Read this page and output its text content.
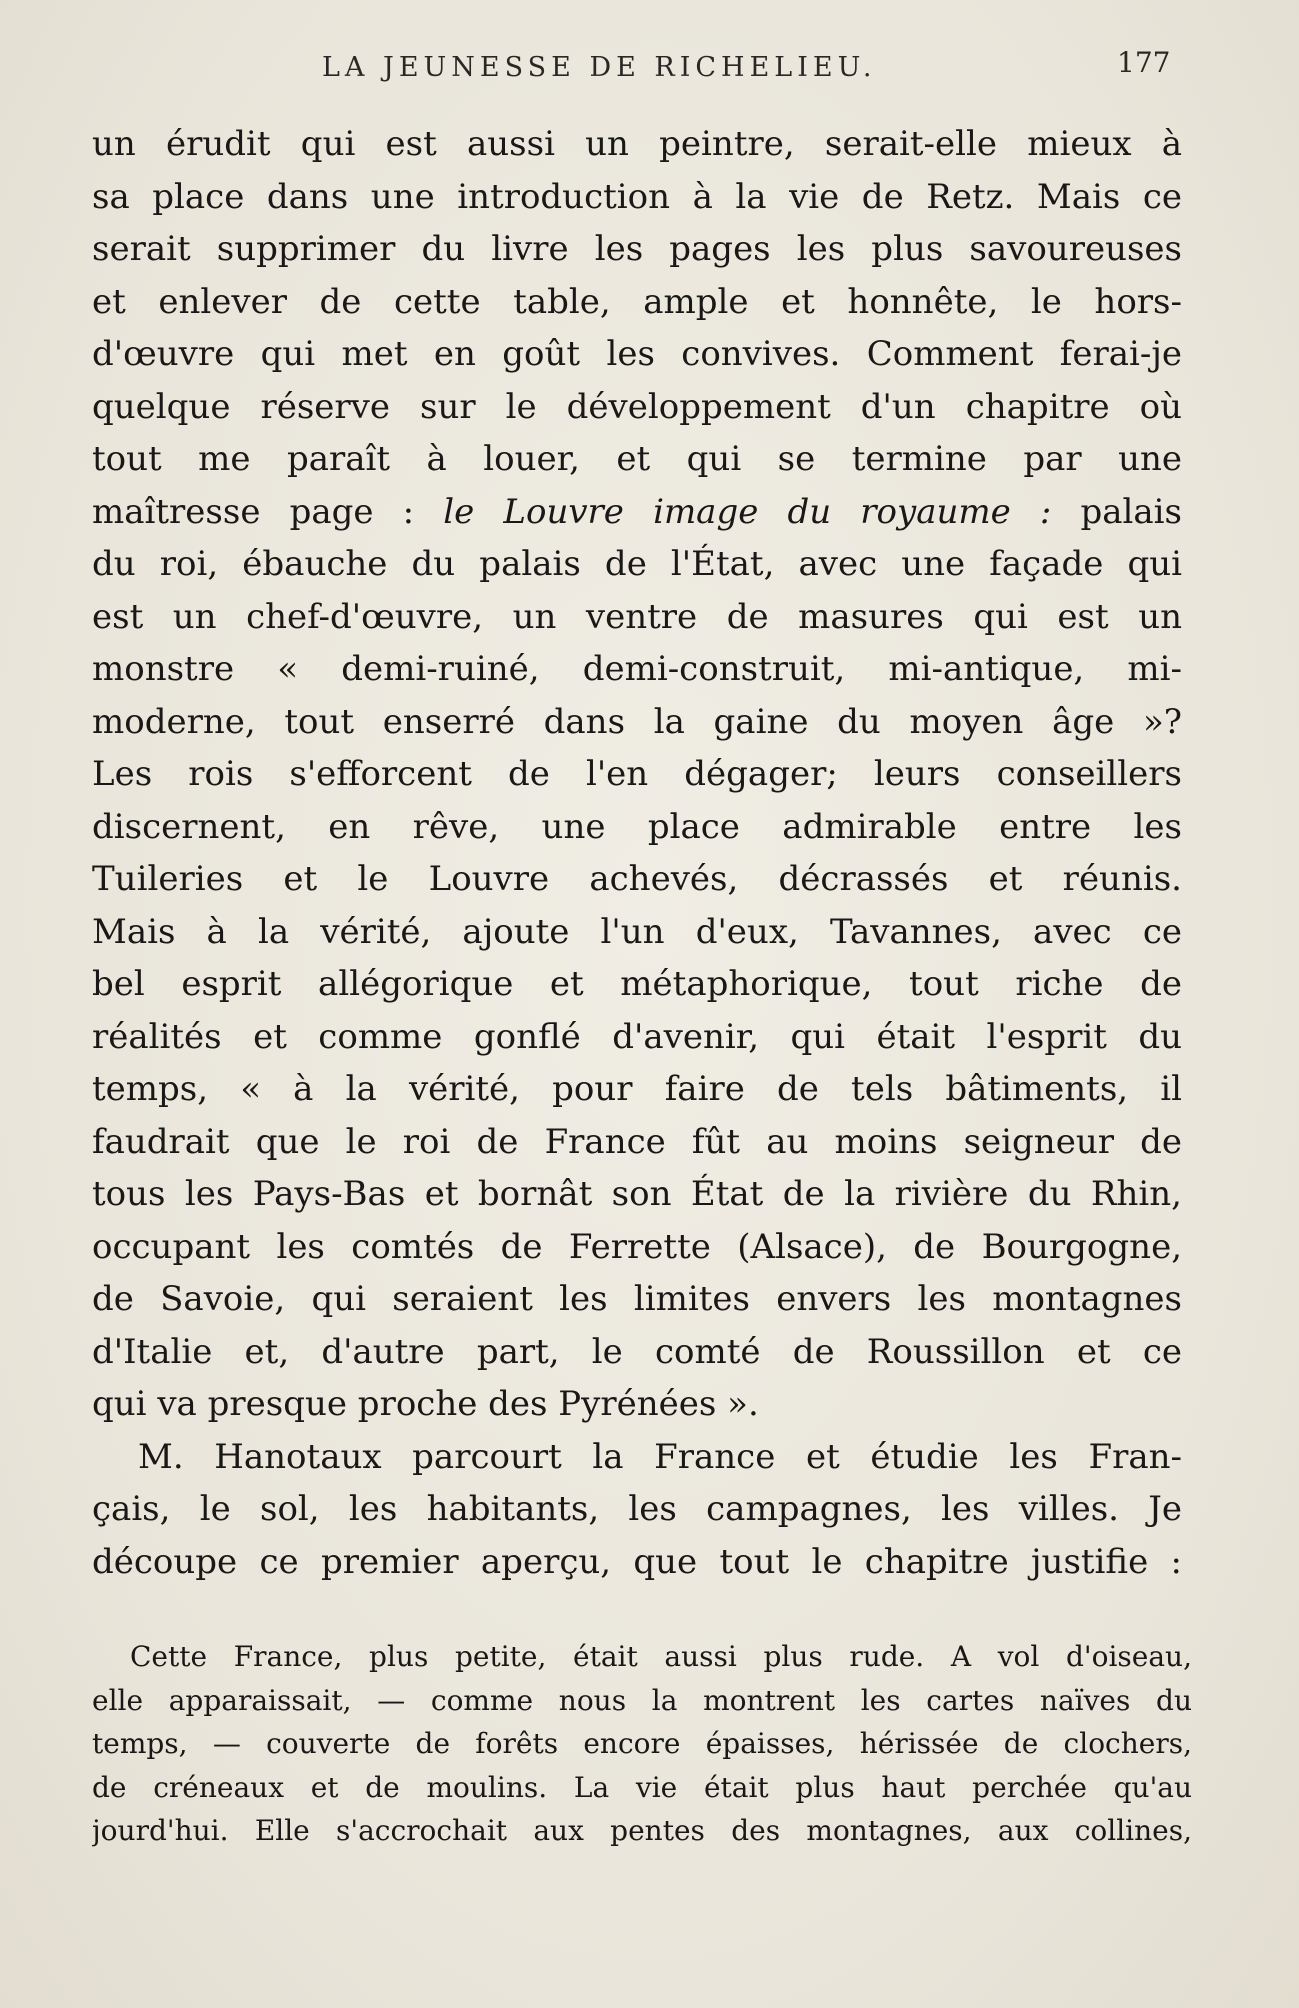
LA JEUNESSE DE RICHELIEU.	177
un érudit qui est aussi un peintre, serait-elle mieux à
sa place dans une introduction à la vie de Retz. Mais ce
serait supprimer du livre les pages les plus savoureuses
et enlever de cette table, ample et honnête, le hors-
d'œuvre qui met en goût les convives. Comment ferai-je
quelque réserve sur le développement d'un chapitre où
tout me paraît à louer, et qui se termine par une
maîtresse page : le Louvre image du royaume : palais
du roi, ébauche du palais de l'État, avec une façade qui
est un chef-d'œuvre, un ventre de masures qui est un
monstre « demi-ruiné, demi-construit, mi-antique, mi-
moderne, tout enserré dans la gaine du moyen âge »?
Les rois s'efforcent de l'en dégager; leurs conseillers
discernent, en rêve, une place admirable entre les
Tuileries et le Louvre achevés, décrassés et réunis.
Mais à la vérité, ajoute l'un d'eux, Tavannes, avec ce
bel esprit allégorique et métaphorique, tout riche de
réalités et comme gonflé d'avenir, qui était l'esprit du
temps, « à la vérité, pour faire de tels bâtiments, il
faudrait que le roi de France fût au moins seigneur de
tous les Pays-Bas et bornât son État de la rivière du Rhin,
occupant les comtés de Ferrette (Alsace), de Bourgogne,
de Savoie, qui seraient les limites envers les montagnes
d'Italie et, d'autre part, le comté de Roussillon et ce
qui va presque proche des Pyrénées ».
M. Hanotaux parcourt la France et étudie les Fran-
çais, le sol, les habitants, les campagnes, les villes. Je
découpe ce premier aperçu, que tout le chapitre justifie :
Cette France, plus petite, était aussi plus rude. A vol d'oiseau,
elle apparaissait, — comme nous la montrent les cartes naïves du
temps, — couverte de forêts encore épaisses, hérissée de clochers,
de créneaux et de moulins. La vie était plus haut perchée qu'au
jourd'hui. Elle s'accrochait aux pentes des montagnes, aux collines,
